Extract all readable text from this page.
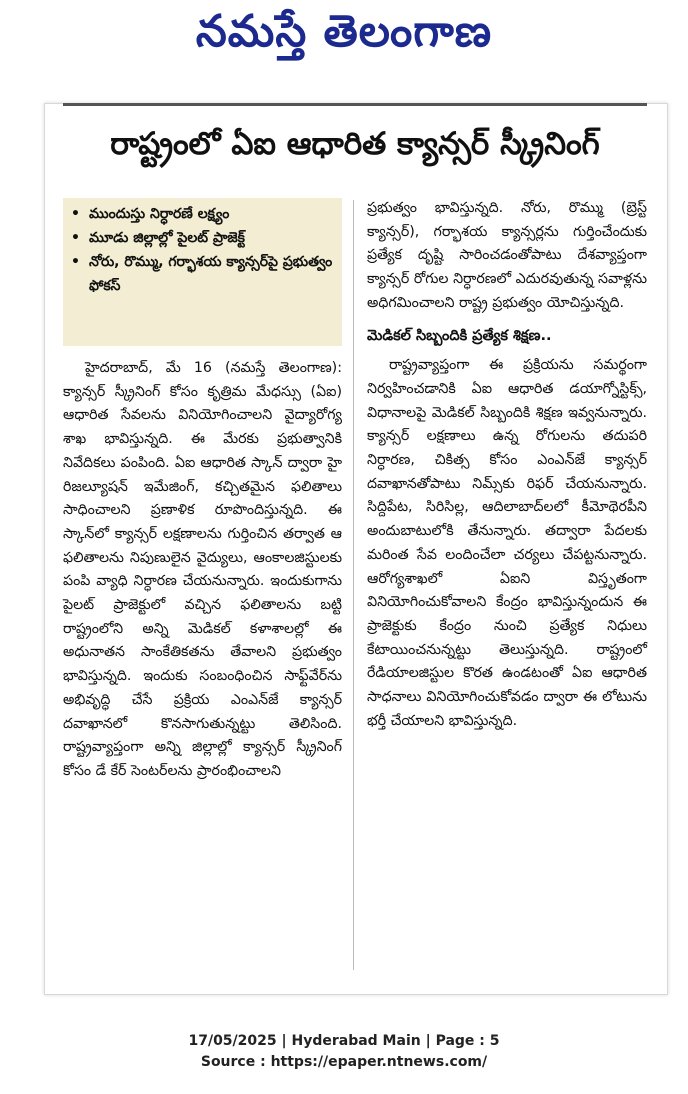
నమస్తే తెలంగాణ
రాష్ట్రంలో ఏఐ ఆధారిత క్యాన్సర్ స్క్రీనింగ్
• ముందుస్తు నిర్ధారణే లక్ష్యం
• మూడు జిల్లాల్లో పైలట్ ప్రాజెక్ట్
• నోరు, రొమ్ము, గర్భాశయ క్యాన్సర్‌పై ప్రభుత్వం ఫోకస్

హైదరాబాద్, మే 16 (నమస్తే తెలంగాణ): క్యాన్సర్ స్క్రీనింగ్ కోసం కృత్రిమ మేధస్సు (ఏఐ) ఆధారిత సేవలను వినియోగించాలని వైద్యారోగ్య శాఖ భావిస్తున్నది. ఈ మేరకు ప్రభుత్వానికి నివేదికలు పంపింది. ఏఐ ఆధారిత స్కాన్ ద్వారా హై రిజల్యూషన్ ఇమేజింగ్, కచ్చితమైన ఫలితాలు సాధించాలని ప్రణాళిక రూపొందిస్తున్నది. ఈ స్కాన్‌లో క్యాన్సర్ లక్షణాలను గుర్తించిన తర్వాత ఆ ఫలితాలను నిపుణులైన వైద్యులు, ఆంకాలజిస్టులకు పంపి వ్యాధి నిర్ధారణ చేయనున్నారు. ఇందుకుగాను పైలట్ ప్రాజెక్టులో వచ్చిన ఫలితాలను బట్టి రాష్ట్రంలోని అన్ని మెడికల్ కళాశాలల్లో ఈ అధునాతన సాంకేతికతను తేవాలని ప్రభుత్వం భావిస్తున్నది. ఇందుకు సంబంధించిన సాఫ్ట్‌వేర్‌ను అభివృద్ధి చేసే ప్రక్రియ ఎంఎన్‌జే క్యాన్సర్ దవాఖానలో కొనసాగుతున్నట్టు తెలిసింది. రాష్ట్రవ్యాప్తంగా అన్ని జిల్లాల్లో క్యాన్సర్ స్క్రీనింగ్ కోసం డే కేర్ సెంటర్‌లను ప్రారంభించాలని

ప్రభుత్వం భావిస్తున్నది. నోరు, రొమ్ము (బ్రెస్ట్ క్యాన్సర్), గర్భాశయ క్యాన్సర్లను గుర్తించేందుకు ప్రత్యేక దృష్టి సారించడంతోపాటు దేశవ్యాప్తంగా క్యాన్సర్ రోగుల నిర్ధారణలో ఎదురవుతున్న సవాళ్లను అధిగమించాలని రాష్ట్ర ప్రభుత్వం యోచిస్తున్నది.

మెడికల్ సిబ్బందికి ప్రత్యేక శిక్షణ..

రాష్ట్రవ్యాప్తంగా ఈ ప్రక్రియను సమర్థంగా నిర్వహించడానికి ఏఐ ఆధారిత డయాగ్నోస్టిక్స్, విధానాలపై మెడికల్ సిబ్బందికి శిక్షణ ఇవ్వనున్నారు. క్యాన్సర్ లక్షణాలు ఉన్న రోగులను తదుపరి నిర్ధారణ, చికిత్స కోసం ఎంఎన్‌జే క్యాన్సర్ దవాఖానతోపాటు నిమ్స్‌కు రిఫర్ చేయనున్నారు. సిద్దిపేట, సిరిసిల్ల, ఆదిలాబాద్‌లలో కీమోథెరపీని అందుబాటులోకి తేనున్నారు. తద్వారా పేదలకు మరింత సేవ లందించేలా చర్యలు చేపట్టనున్నారు. ఆరోగ్యశాఖలో ఏఐని విస్తృతంగా వినియోగించుకోవాలని కేంద్రం భావిస్తున్నందున ఈ ప్రాజెక్టుకు కేంద్రం నుంచి ప్రత్యేక నిధులు కేటాయించనున్నట్టు తెలుస్తున్నది. రాష్ట్రంలో రేడియాలజిస్టుల కొరత ఉండటంతో ఏఐ ఆధారిత సాధనాలు వినియోగించుకోవడం ద్వారా ఈ లోటును భర్తీ చేయాలని భావిస్తున్నది.

17/05/2025 | Hyderabad Main | Page : 5
Source : https://epaper.ntnews.com/
